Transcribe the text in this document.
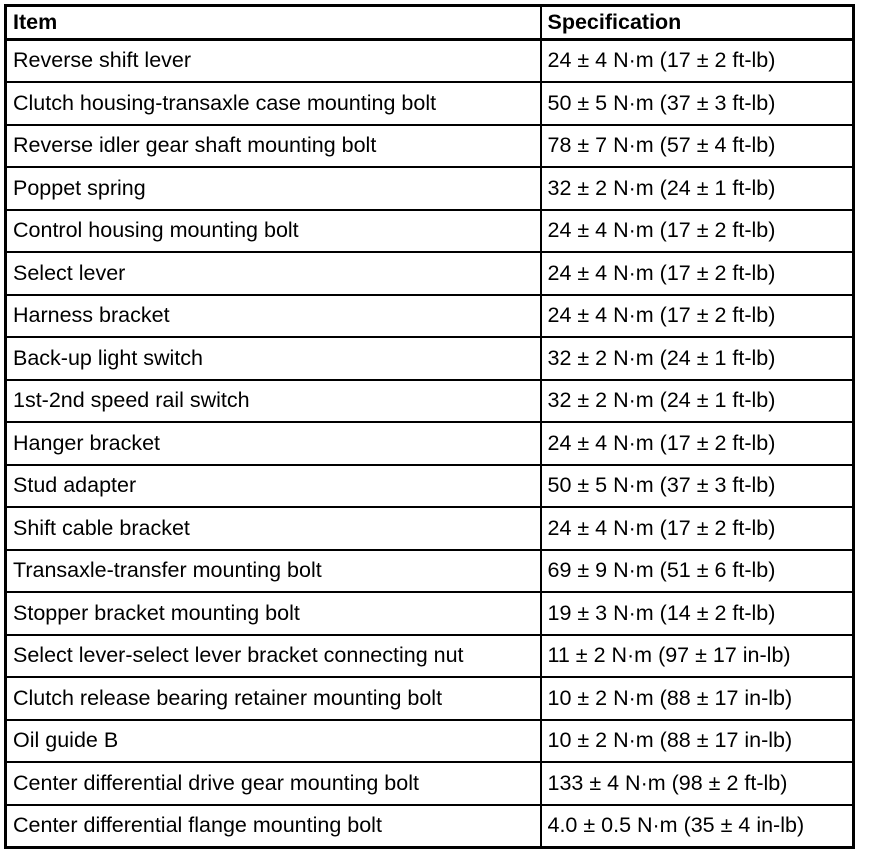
Item	Specification
Reverse shift lever	24 ± 4 N·m (17 ± 2 ft-lb)
Clutch housing-transaxle case mounting bolt	50 ± 5 N·m (37 ± 3 ft-lb)
Reverse idler gear shaft mounting bolt	78 ± 7 N·m (57 ± 4 ft-lb)
Poppet spring	32 ± 2 N·m (24 ± 1 ft-lb)
Control housing mounting bolt	24 ± 4 N·m (17 ± 2 ft-lb)
Select lever	24 ± 4 N·m (17 ± 2 ft-lb)
Harness bracket	24 ± 4 N·m (17 ± 2 ft-lb)
Back-up light switch	32 ± 2 N·m (24 ± 1 ft-lb)
1st-2nd speed rail switch	32 ± 2 N·m (24 ± 1 ft-lb)
Hanger bracket	24 ± 4 N·m (17 ± 2 ft-lb)
Stud adapter	50 ± 5 N·m (37 ± 3 ft-lb)
Shift cable bracket	24 ± 4 N·m (17 ± 2 ft-lb)
Transaxle-transfer mounting bolt	69 ± 9 N·m (51 ± 6 ft-lb)
Stopper bracket mounting bolt	19 ± 3 N·m (14 ± 2 ft-lb)
Select lever-select lever bracket connecting nut	11 ± 2 N·m (97 ± 17 in-lb)
Clutch release bearing retainer mounting bolt	10 ± 2 N·m (88 ± 17 in-lb)
Oil guide B	10 ± 2 N·m (88 ± 17 in-lb)
Center differential drive gear mounting bolt	133 ± 4 N·m (98 ± 2 ft-lb)
Center differential flange mounting bolt	4.0 ± 0.5 N·m (35 ± 4 in-lb)
